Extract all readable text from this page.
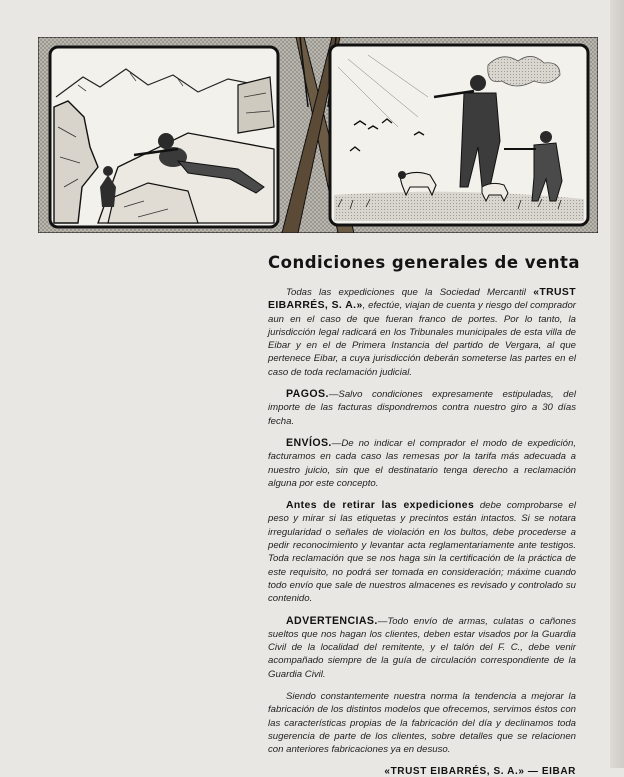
Condiciones generales de venta

Todas las expediciones que la Sociedad Mercantil «TRUST EIBARRÉS, S. A.», efectúe, viajan de cuenta y riesgo del comprador aun en el caso de que fueran franco de portes. Por lo tanto, la jurisdicción legal radicará en los Tribunales municipales de esta villa de Eibar y en el de Primera Instancia del partido de Vergara, al que pertenece Eibar, a cuya jurisdicción deberán someterse las partes en el caso de toda reclamación judicial.

PAGOS.—Salvo condiciones expresamente estipuladas, del importe de las facturas dispondremos contra nuestro giro a 30 días fecha.

ENVÍOS.—De no indicar el comprador el modo de expedición, facturamos en cada caso las remesas por la tarifa más adecuada a nuestro juicio, sin que el destinatario tenga derecho a reclamación alguna por este concepto.

Antes de retirar las expediciones debe comprobarse el peso y mirar si las etiquetas y precintos están intactos. Si se notara irregularidad o señales de violación en los bultos, debe procederse a pedir reconocimiento y levantar acta reglamentariamente ante testigos. Toda reclamación que se nos haga sin la certificación de la práctica de este requisito, no podrá ser tomada en consideración; máxime cuando todo envío que sale de nuestros almacenes es revisado y controlado su contenido.

ADVERTENCIAS.—Todo envío de armas, culatas o cañones sueltos que nos hagan los clientes, deben estar visados por la Guardia Civil de la localidad del remitente, y el talón del F. C., debe venir acompañado siempre de la guía de circulación correspondiente de la Guardia Civil.

Siendo constantemente nuestra norma la tendencia a mejorar la fabricación de los distintos modelos que ofrecemos, servimos éstos con las características propias de la fabricación del día y declinamos toda sugerencia de parte de los clientes, sobre detalles que se relacionen con anteriores fabricaciones ya en desuso.

«TRUST EIBARRÉS, S. A.» — EIBAR
